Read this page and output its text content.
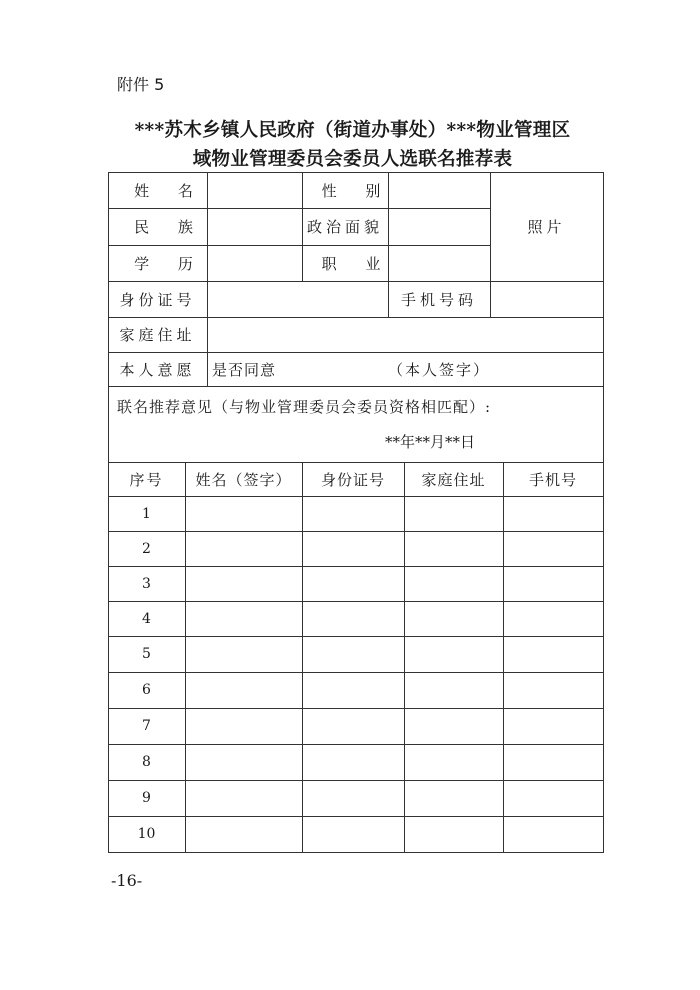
附件 5
***苏木乡镇人民政府（街道办事处）***物业管理区
域物业管理委员会委员人选联名推荐表
姓 名	性 别
民 族	政治面貌
学 历	职 业
照片
身份证号	手机号码
家庭住址
本人意愿	是否同意	（本人签字）
联名推荐意见（与物业管理委员会委员资格相匹配）:
**年**月**日
序号	姓名（签字）	身份证号	家庭住址	手机号
1
2
3
4
5
6
7
8
9
10
-16-
